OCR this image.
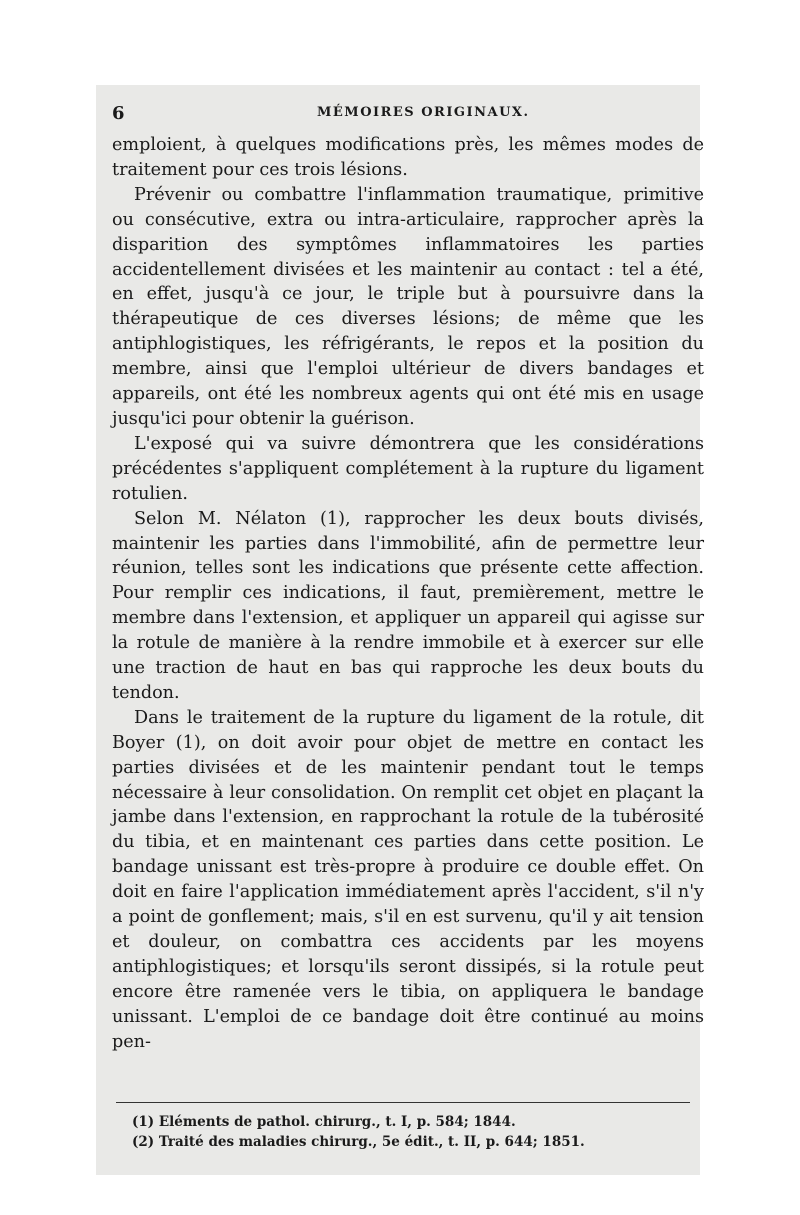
6	MÉMOIRES ORIGINAUX.

emploient, à quelques modifications près, les mêmes modes de traitement pour ces trois lésions.

Prévenir ou combattre l'inflammation traumatique, primitive ou consécutive, extra ou intra-articulaire, rapprocher après la disparition des symptômes inflammatoires les parties accidentellement divisées et les maintenir au contact : tel a été, en effet, jusqu'à ce jour, le triple but à poursuivre dans la thérapeutique de ces diverses lésions; de même que les antiphlogistiques, les réfrigérants, le repos et la position du membre, ainsi que l'emploi ultérieur de divers bandages et appareils, ont été les nombreux agents qui ont été mis en usage jusqu'ici pour obtenir la guérison.

L'exposé qui va suivre démontrera que les considérations précédentes s'appliquent complétement à la rupture du ligament rotulien.

Selon M. Nélaton (1), rapprocher les deux bouts divisés, maintenir les parties dans l'immobilité, afin de permettre leur réunion, telles sont les indications que présente cette affection. Pour remplir ces indications, il faut, premièrement, mettre le membre dans l'extension, et appliquer un appareil qui agisse sur la rotule de manière à la rendre immobile et à exercer sur elle une traction de haut en bas qui rapproche les deux bouts du tendon.

Dans le traitement de la rupture du ligament de la rotule, dit Boyer (1), on doit avoir pour objet de mettre en contact les parties divisées et de les maintenir pendant tout le temps nécessaire à leur consolidation. On remplit cet objet en plaçant la jambe dans l'extension, en rapprochant la rotule de la tubérosité du tibia, et en maintenant ces parties dans cette position. Le bandage unissant est très-propre à produire ce double effet. On doit en faire l'application immédiatement après l'accident, s'il n'y a point de gonflement; mais, s'il en est survenu, qu'il y ait tension et douleur, on combattra ces accidents par les moyens antiphlogistiques; et lorsqu'ils seront dissipés, si la rotule peut encore être ramenée vers le tibia, on appliquera le bandage unissant. L'emploi de ce bandage doit être continué au moins pen-

(1) Eléments de pathol. chirurg., t. I, p. 584; 1844.
(2) Traité des maladies chirurg., 5e édit., t. II, p. 644; 1851.
